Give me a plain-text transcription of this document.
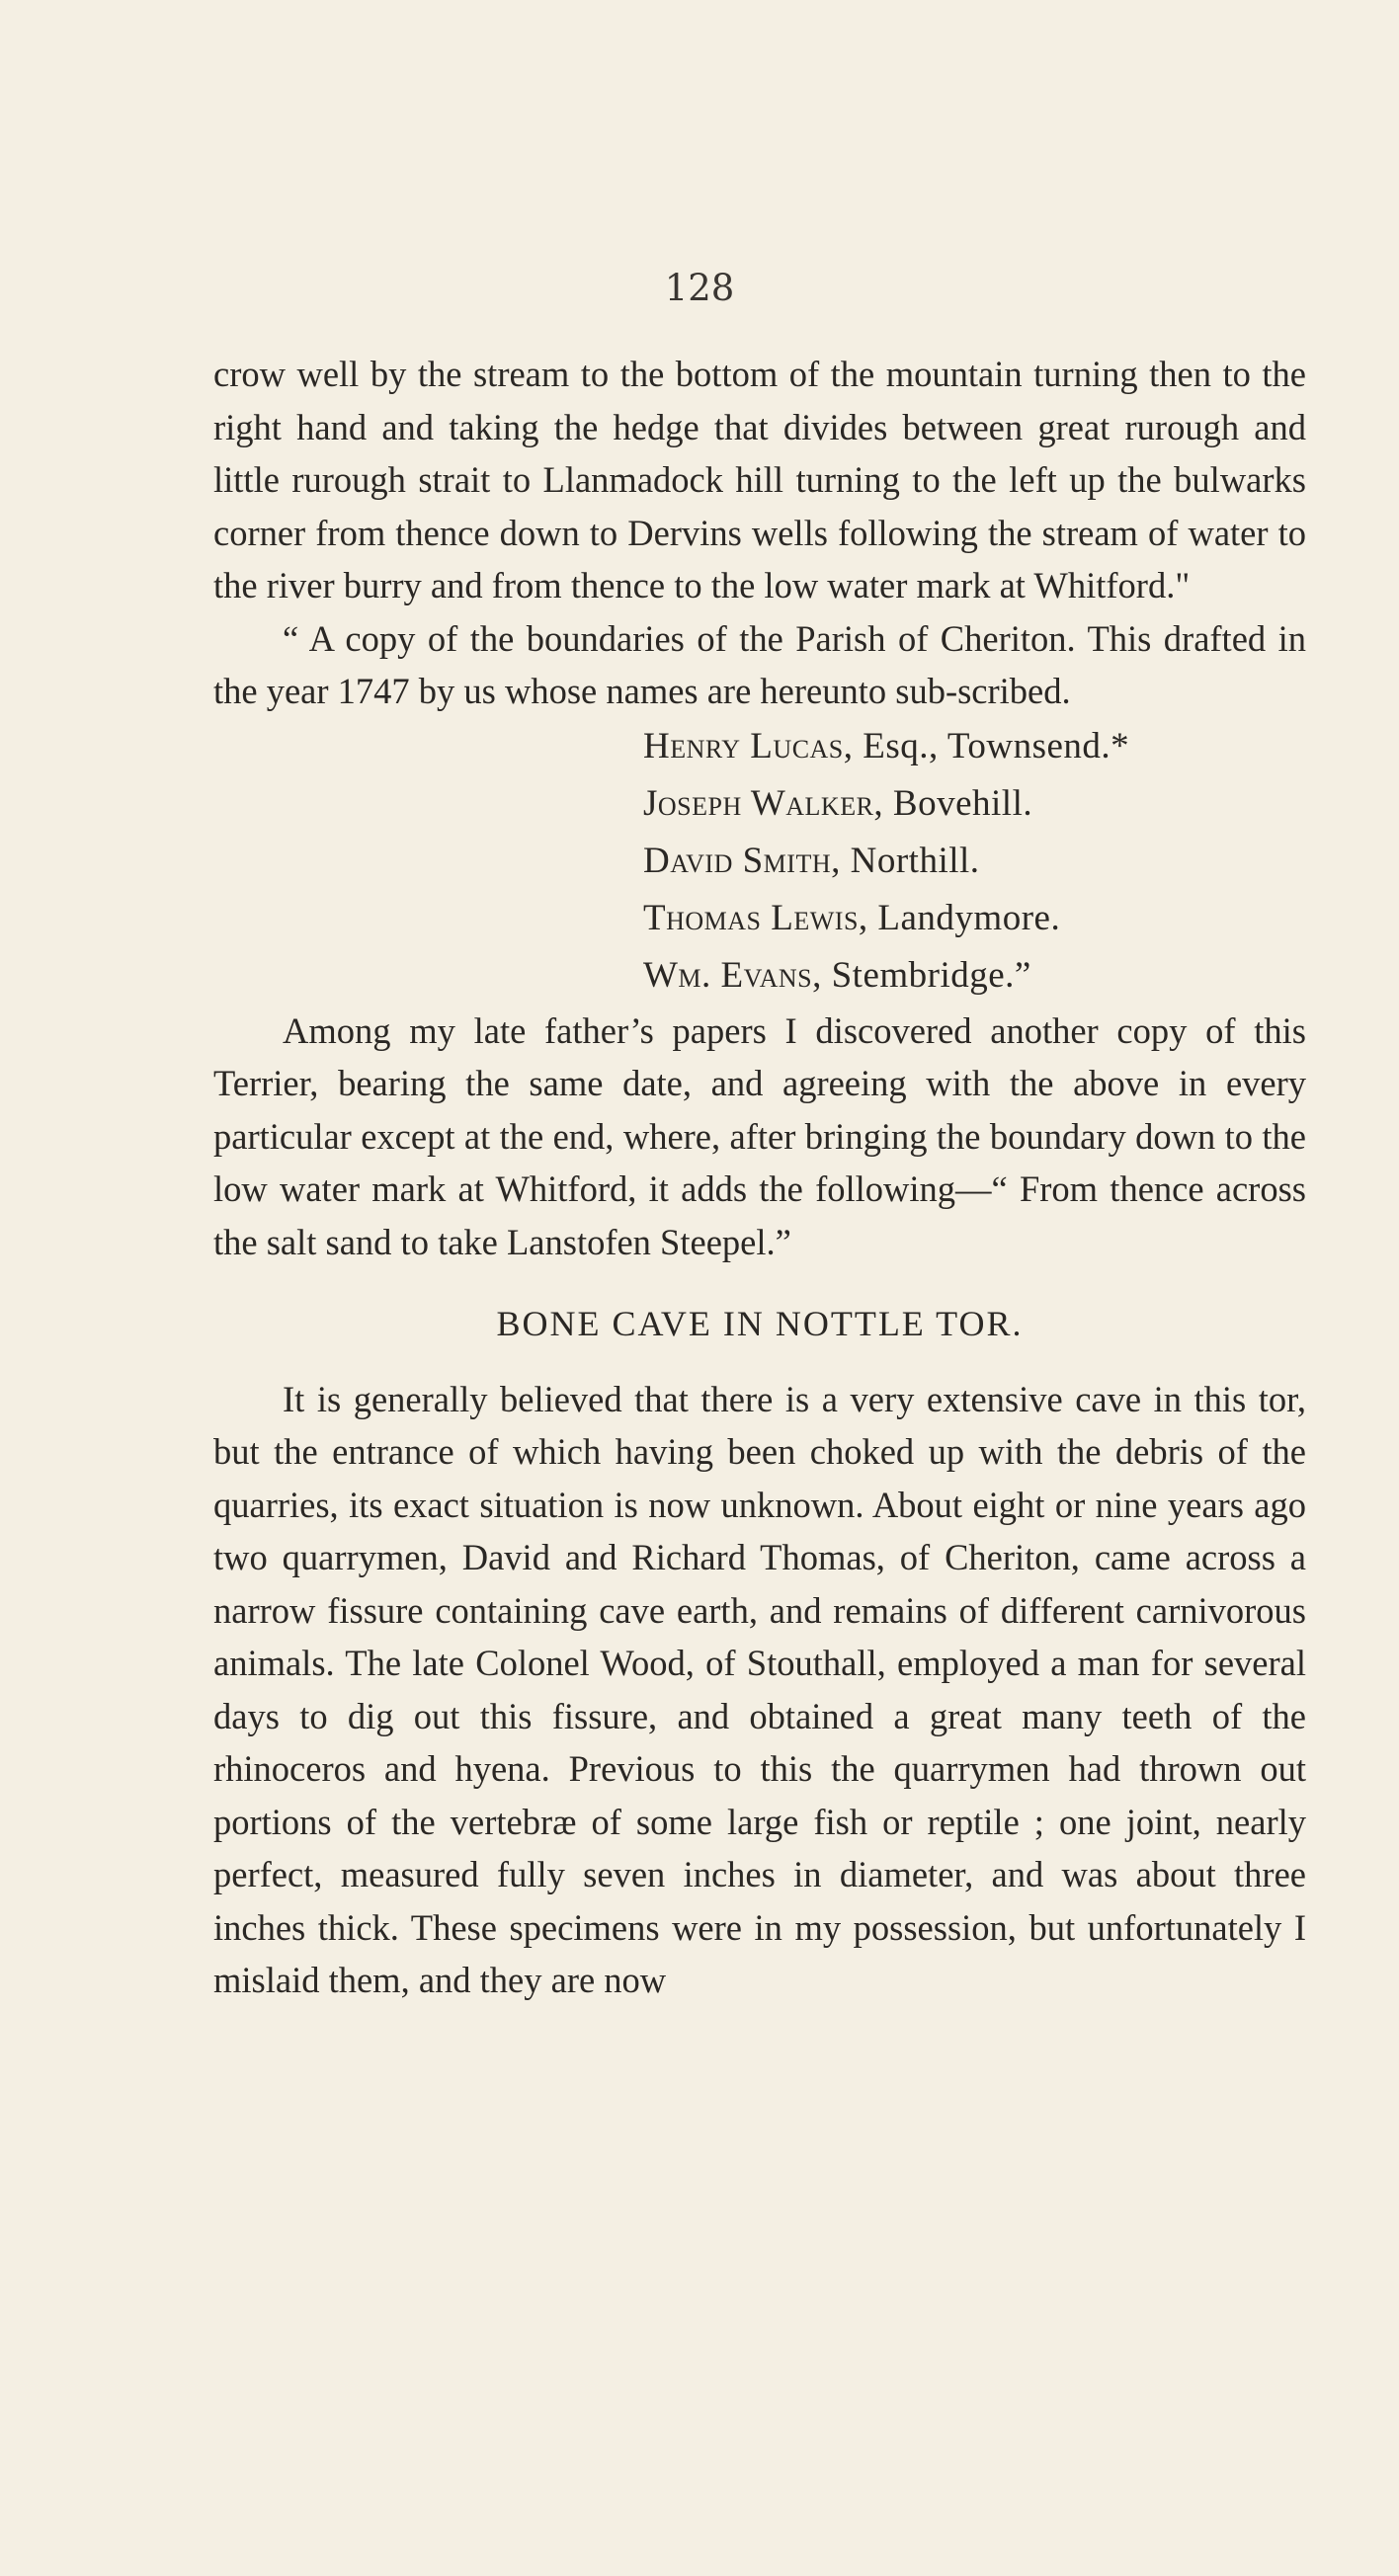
128

crow well by the stream to the bottom of the mountain turning then to the right hand and taking the hedge that divides between great rurough and little rurough strait to Llanmadock hill turning to the left up the bulwarks corner from thence down to Dervins wells following the stream of water to the river burry and from thence to the low water mark at Whitford."

“ A copy of the boundaries of the Parish of Cheriton. This drafted in the year 1747 by us whose names are hereunto sub-scribed.

Henry Lucas, Esq., Townsend.*
Joseph Walker, Bovehill.
David Smith, Northill.
Thomas Lewis, Landymore.
Wm. Evans, Stembridge.”

Among my late father’s papers I discovered another copy of this Terrier, bearing the same date, and agreeing with the above in every particular except at the end, where, after bringing the boundary down to the low water mark at Whitford, it adds the following—“ From thence across the salt sand to take Lanstofen Steepel.”

BONE CAVE IN NOTTLE TOR.

It is generally believed that there is a very extensive cave in this tor, but the entrance of which having been choked up with the debris of the quarries, its exact situation is now unknown. About eight or nine years ago two quarrymen, David and Richard Thomas, of Cheriton, came across a narrow fissure containing cave earth, and remains of different carnivorous animals. The late Colonel Wood, of Stouthall, employed a man for several days to dig out this fissure, and obtained a great many teeth of the rhinoceros and hyena. Previous to this the quarrymen had thrown out portions of the vertebræ of some large fish or reptile ; one joint, nearly perfect, measured fully seven inches in diameter, and was about three inches thick. These specimens were in my possession, but unfortunately I mislaid them, and they are now
